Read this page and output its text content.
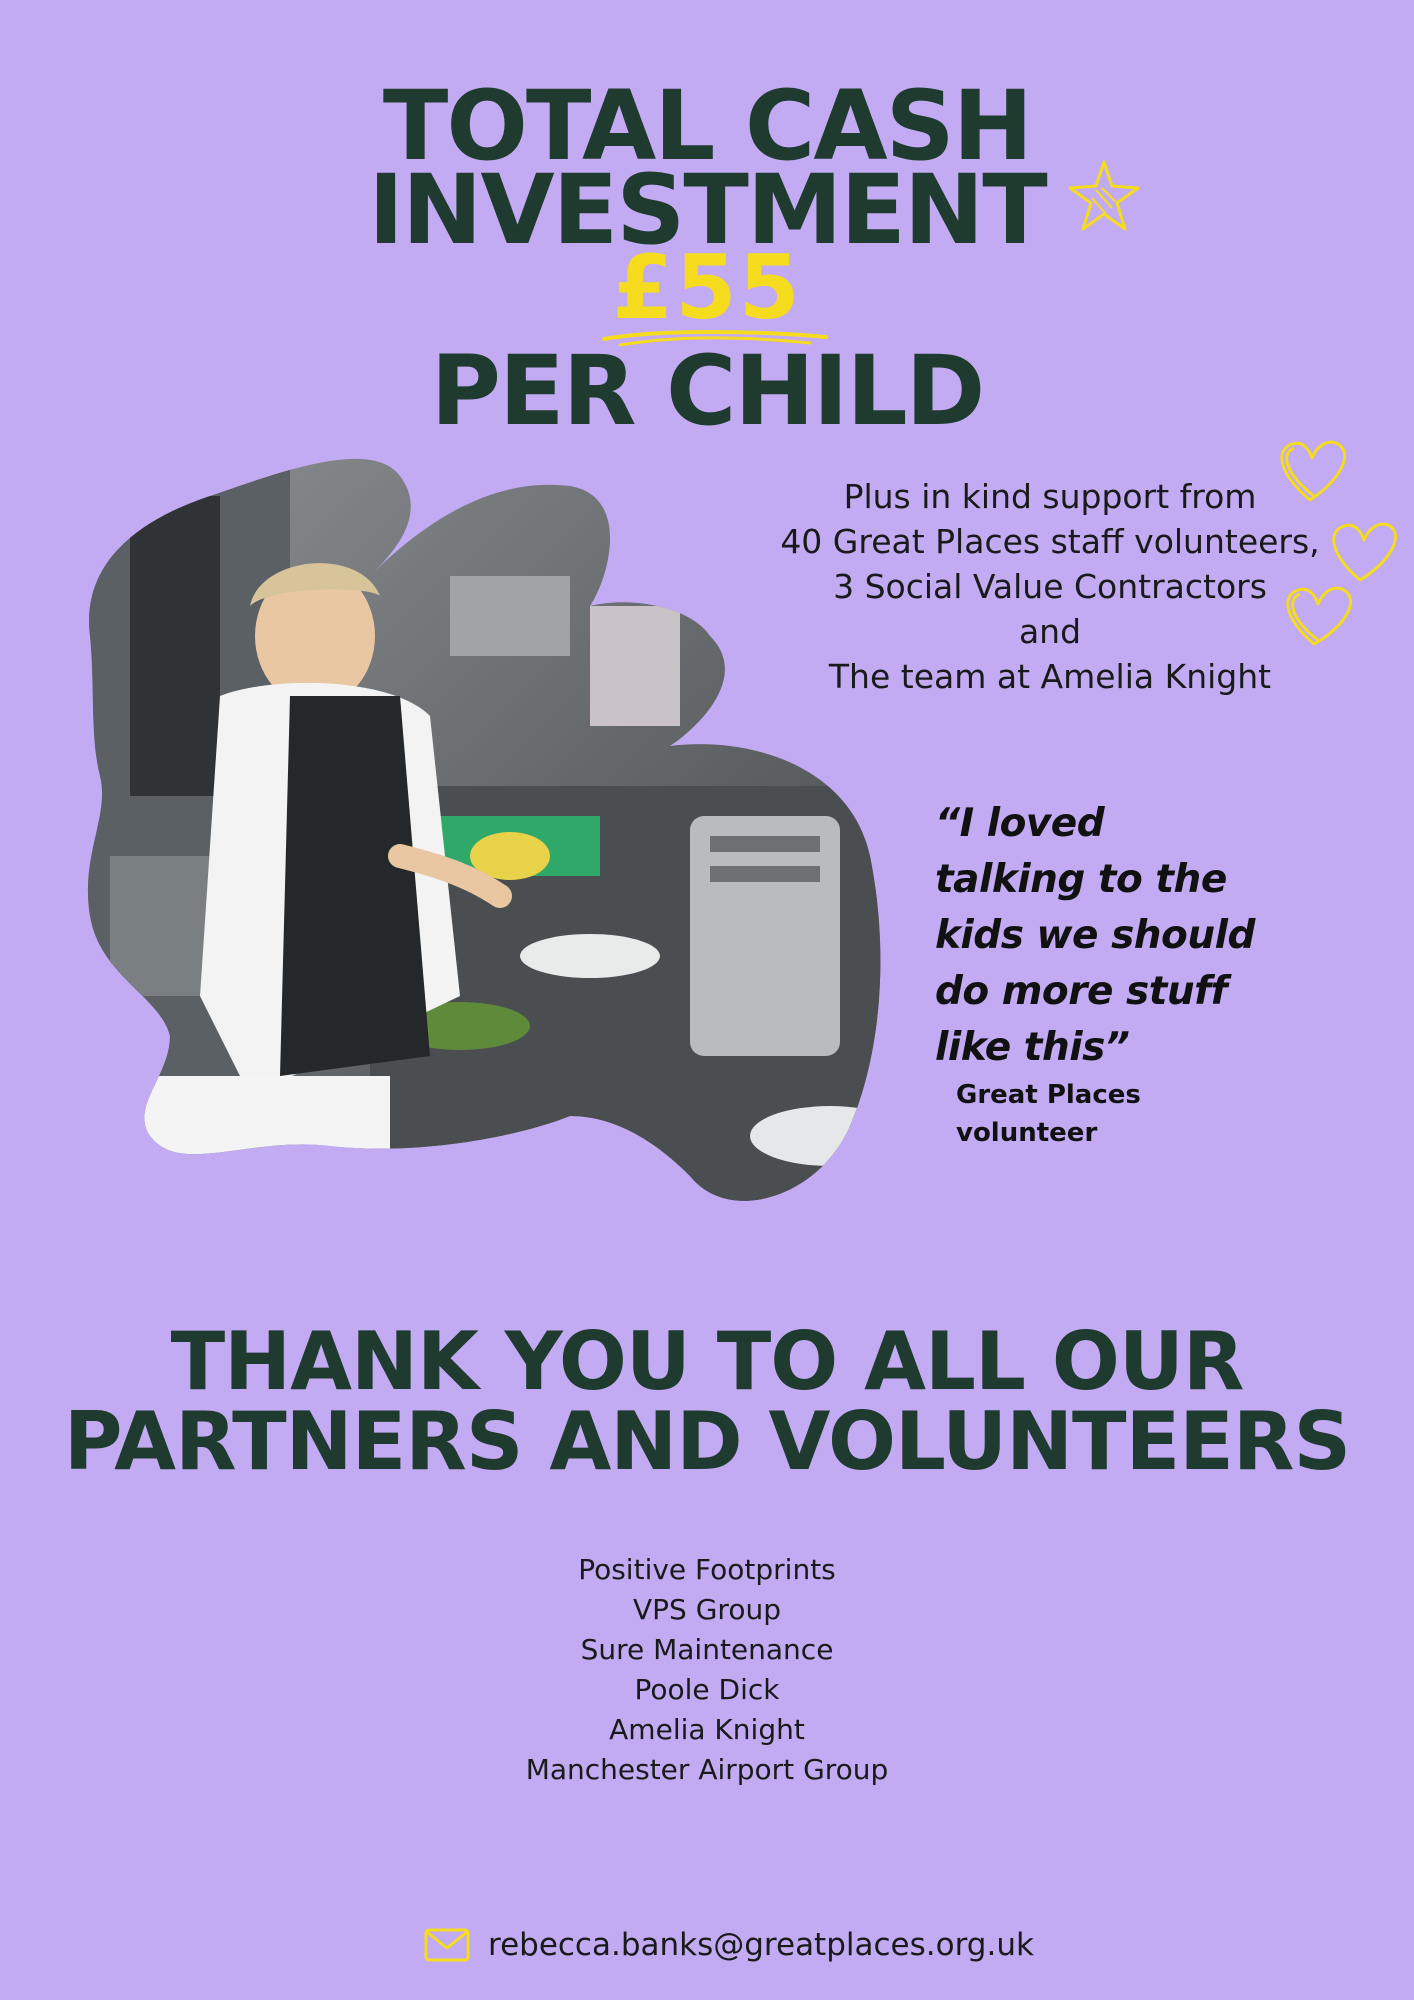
TOTAL CASH
INVESTMENT
£55
PER CHILD
Plus in kind support from
40 Great Places staff volunteers,
3 Social Value Contractors
and
The team at Amelia Knight
“I loved
talking to the
kids we should
do more stuff
like this”
Great Places
volunteer
THANK YOU TO ALL OUR
PARTNERS AND VOLUNTEERS
Positive Footprints
VPS Group
Sure Maintenance
Poole Dick
Amelia Knight
Manchester Airport Group
rebecca.banks@greatplaces.org.uk
